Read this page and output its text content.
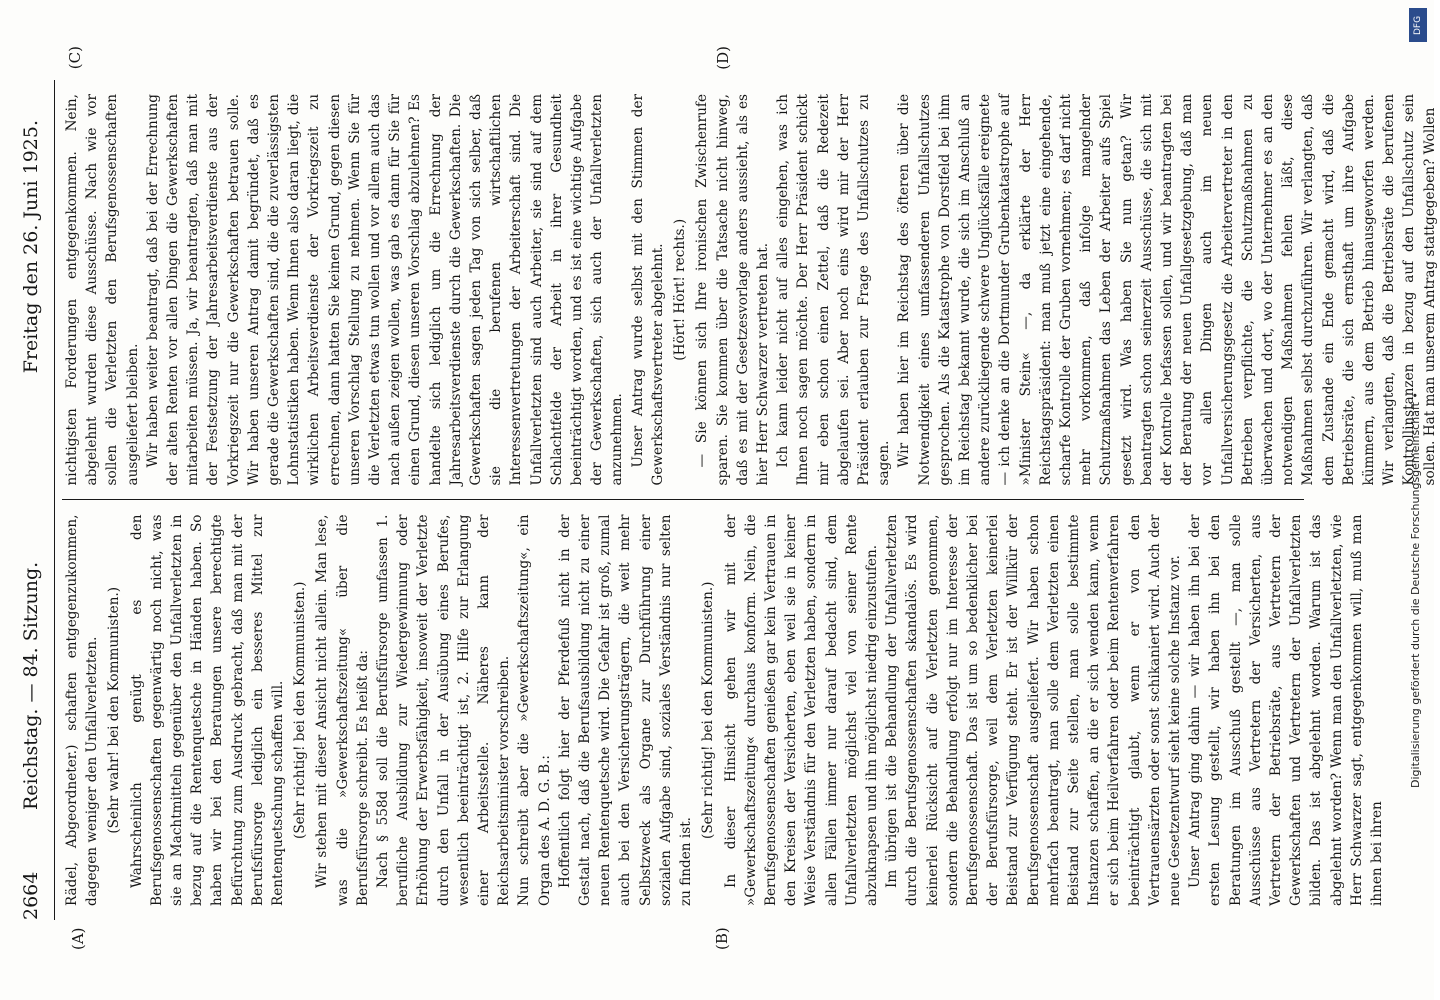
2664
Reichstag. — 84. Sitzung.
Freitag den 26. Juni 1925.
(A)	(B)

Rädel, Abgeordneter.) schaften entgegenzukommen, dagegen weniger den Unfallverletzten. (Sehr wahr! bei den Kommunisten.) Wahrscheinlich genügt es den Berufsgenossenschaften gegenwärtig noch nicht, was sie an Machtmitteln gegenüber den Unfallverletzten in bezug auf die Rentenquetsche in Händen haben. So haben wir bei den Beratungen unsere berechtigte Befürchtung zum Ausdruck gebracht, daß man mit der Berufsfürsorge lediglich ein besseres Mittel zur Rentenquetschung schaffen will. (Sehr richtig! bei den Kommunisten.) Wir stehen mit dieser Ansicht nicht allein. Man lese, was die »Gewerkschaftszeitung« über die Berufsfürsorge schreibt. Es heißt da: Nach § 558d soll die Berufsfürsorge umfassen 1. berufliche Ausbildung zur Wiedergewinnung oder Erhöhung der Erwerbsfähigkeit, insoweit der Verletzte durch den Unfall in der Ausübung eines Berufes, wesentlich beeinträchtigt ist, 2. Hilfe zur Erlangung einer Arbeitsstelle. Näheres kann der Reichsarbeitsminister vorschreiben. Nun schreibt aber die »Gewerkschaftszeitung«, ein Organ des A. D. G. B.: Hoffentlich folgt hier der Pferdefuß nicht in der Gestalt nach, daß die Berufsausbildung nicht zu einer neuen Rentenquetsche wird. Die Gefahr ist groß, zumal auch bei den Versicherungsträgern, die weit mehr Selbstzweck als Organe zur Durchführung einer sozialen Aufgabe sind, soziales Verständnis nur selten zu finden ist.

(Sehr richtig! bei den Kommunisten.) In dieser Hinsicht gehen wir mit der »Gewerkschaftszeitung« durchaus konform. Nein, die Berufsgenossenschaften genießen gar kein Vertrauen in den Kreisen der Versicherten, eben weil sie in keiner Weise Verständnis für den Verletzten haben, sondern in allen Fällen immer nur darauf bedacht sind, dem Unfallverletzten möglichst viel von seiner Rente abzuknapsen und ihn möglichst niedrig einzustufen. Im übrigen ist die Behandlung der Unfallverletzten durch die Berufsgenossenschaften skandalös. Es wird keinerlei Rücksicht auf die Verletzten genommen, sondern die Behandlung erfolgt nur im Interesse der Berufsgenossenschaft. Das ist um so bedenklicher bei der Berufsfürsorge, weil dem Verletzten keinerlei Beistand zur Verfügung steht. Er ist der Willkür der Berufsgenossenschaft ausgeliefert. Wir haben schon mehrfach beantragt, man solle dem Verletzten einen Beistand zur Seite stellen, man solle bestimmte Instanzen schaffen, an die er sich wenden kann, wenn er sich beim Heilverfahren oder beim Rentenverfahren beeinträchtigt glaubt, wenn er von den Vertrauensärzten oder sonst schikaniert wird. Auch der neue Gesetzentwurf sieht keine solche Instanz vor. Unser Antrag ging dahin — wir haben ihn bei der ersten Lesung gestellt, wir haben ihn bei den Beratungen im Ausschuß gestellt —, man solle Ausschüsse aus Vertretern der Versicherten, aus Vertretern der Betriebsräte, aus Vertretern der Gewerkschaften und Vertretern der Unfallverletzten bilden. Das ist abgelehnt worden. Warum ist das abgelehnt worden? Wenn man den Unfallverletzten, wie Herr Schwarzer sagt, entgegenkommen will, muß man ihnen bei ihren

nichtigsten Forderungen entgegenkommen. Nein, abgelehnt wurden diese Ausschüsse. Nach wie vor sollen die Verletzten den Berufsgenossenschaften ausgeliefert bleiben. Wir haben weiter beantragt, daß bei der Errechnung der alten Renten vor allen Dingen die Gewerkschaften mitarbeiten müssen. Ja, wir beantragten, daß man mit der Festsetzung der Jahresarbeitsverdienste aus der Vorkriegszeit nur die Gewerkschaften betrauen solle. Wir haben unseren Antrag damit begründet, daß es gerade die Gewerkschaften sind, die die zuverlässigsten Lohnstatistiken haben. Wenn Ihnen also daran liegt, die wirklichen Arbeitsverdienste der Vorkriegszeit zu errechnen, dann hatten Sie keinen Grund, gegen diesen unseren Vorschlag Stellung zu nehmen. Wenn Sie für die Verletzten etwas tun wollen und vor allem auch das nach außen zeigen wollen, was gab es dann für Sie für einen Grund, diesen unseren Vorschlag abzulehnen? Es handelte sich lediglich um die Errechnung der Jahresarbeitsverdienste durch die Gewerkschaften. Die Gewerkschaften sagen jeden Tag von sich selber, daß sie die berufenen wirtschaftlichen Interessenvertretungen der Arbeiterschaft sind. Die Unfallverletzten sind auch Arbeiter, sie sind auf dem Schlachtfelde der Arbeit in ihrer Gesundheit beeinträchtigt worden, und es ist eine wichtige Aufgabe der Gewerkschaften, sich auch der Unfallverletzten anzunehmen. Unser Antrag wurde selbst mit den Stimmen der Gewerkschaftsvertreter abgelehnt. (Hört! Hört! rechts.) — Sie können sich Ihre ironischen Zwischenrufe sparen. Sie kommen über die Tatsache nicht hinweg, daß es mit der Gesetzesvorlage anders aussieht, als es hier Herr Schwarzer vertreten hat. Ich kann leider nicht auf alles eingehen, was ich Ihnen noch sagen möchte. Der Herr Präsident schickt mir eben schon einen Zettel, daß die Redezeit abgelaufen sei. Aber noch eins wird mir der Herr Präsident erlauben zur Frage des Unfallschutzes zu sagen. Wir haben hier im Reichstag des öfteren über die Notwendigkeit eines umfassenderen Unfallschutzes gesprochen. Als die Katastrophe von Dorstfeld bei ihm im Reichstag bekannt wurde, die sich im Anschluß an andere zurückliegende schwere Unglücksfälle ereignete — ich denke an die Dortmunder Grubenkatastrophe auf »Minister Stein« —, da erklärte der Herr Reichstagspräsident: man muß jetzt eine eingehende, scharfe Kontrolle der Gruben vornehmen; es darf nicht mehr vorkommen, daß infolge mangelnder Schutzmaßnahmen das Leben der Arbeiter aufs Spiel gesetzt wird. Was haben Sie nun getan? Wir beantragten schon seinerzeit Ausschüsse, die sich mit der Kontrolle befassen sollen, und wir beantragten bei der Beratung der neuen Unfallgesetzgebung, daß man vor allen Dingen auch im neuen Unfallversicherungsgesetz die Arbeitervertreter in den Betrieben verpflichte, die Schutzmaßnahmen zu überwachen und dort, wo der Unternehmer es an den notwendigen Maßnahmen fehlen läßt, diese Maßnahmen selbst durchzuführen. Wir verlangten, daß dem Zustande ein Ende gemacht wird, daß die Betriebsräte, die sich ernsthaft um ihre Aufgabe kümmern, aus dem Betrieb hinausgeworfen werden. Wir verlangten, daß die Betriebsräte die berufenen Kontrollinstanzen in bezug auf den Unfallschutz sein sollen. Hat man unserem Antrag stattgegeben? Wollen

(C)	(D)
DFG
Digitalisierung gefördert durch die Deutsche Forschungsgemeinschaft •
